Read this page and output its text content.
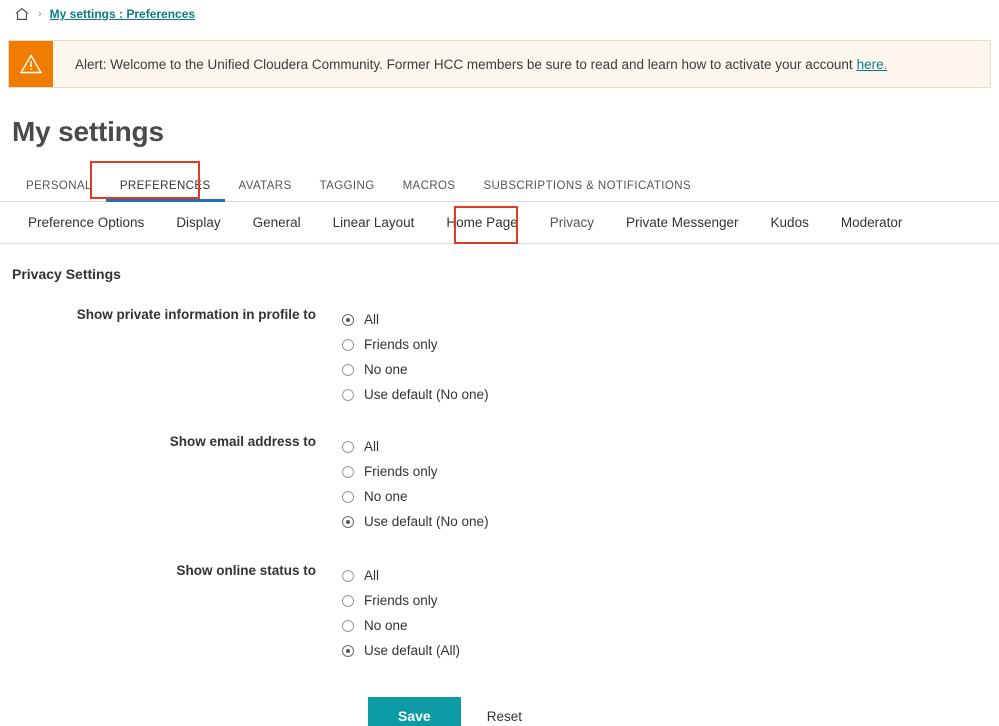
› My settings : Preferences
Alert: Welcome to the Unified Cloudera Community. Former HCC members be sure to read and learn how to activate your account here.
My settings
PERSONAL	PREFERENCES	AVATARS	TAGGING	MACROS	SUBSCRIPTIONS & NOTIFICATIONS
Preference Options	Display	General	Linear Layout	Home Page	Privacy	Private Messenger	Kudos	Moderator
Privacy Settings
Show private information in profile to	All
Friends only
No one
Use default (No one)
Show email address to	All
Friends only
No one
Use default (No one)
Show online status to	All
Friends only
No one
Use default (All)
Save	Reset
